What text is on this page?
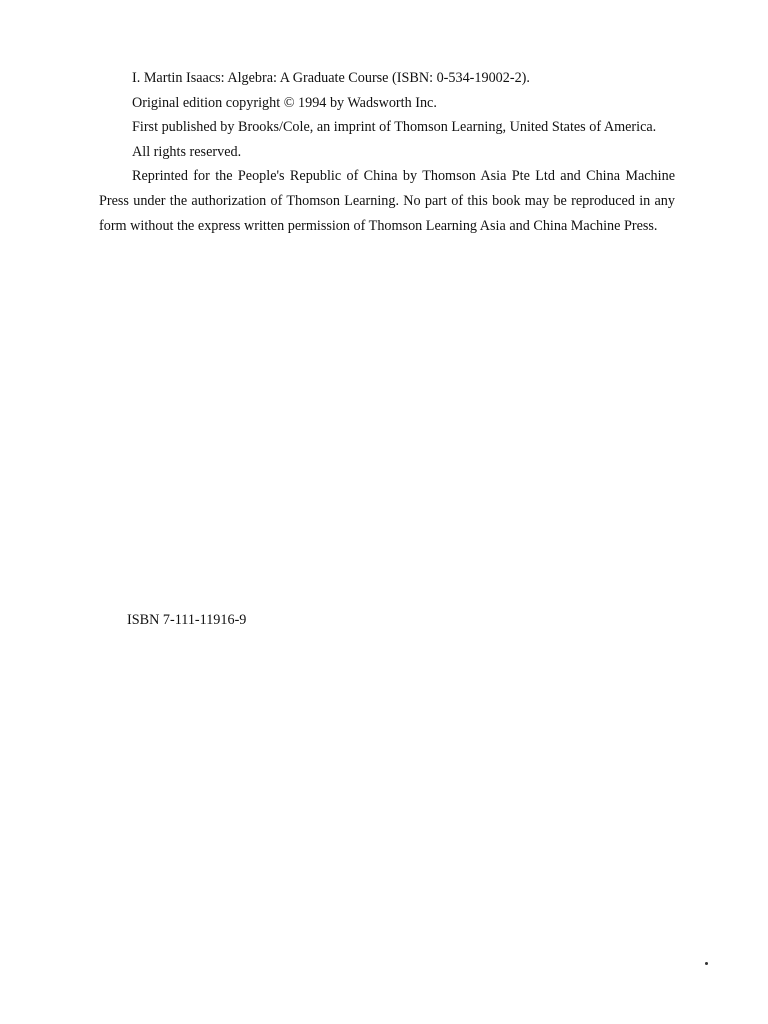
I. Martin Isaacs: Algebra: A Graduate Course (ISBN: 0-534-19002-2).

Original edition copyright © 1994 by Wadsworth Inc.

First published by Brooks/Cole, an imprint of Thomson Learning, United States of America.

All rights reserved.

Reprinted for the People's Republic of China by Thomson Asia Pte Ltd and China Machine Press under the authorization of Thomson Learning. No part of this book may be reproduced in any form without the express written permission of Thomson Learning Asia and China Machine Press.

ISBN 7-111-11916-9
